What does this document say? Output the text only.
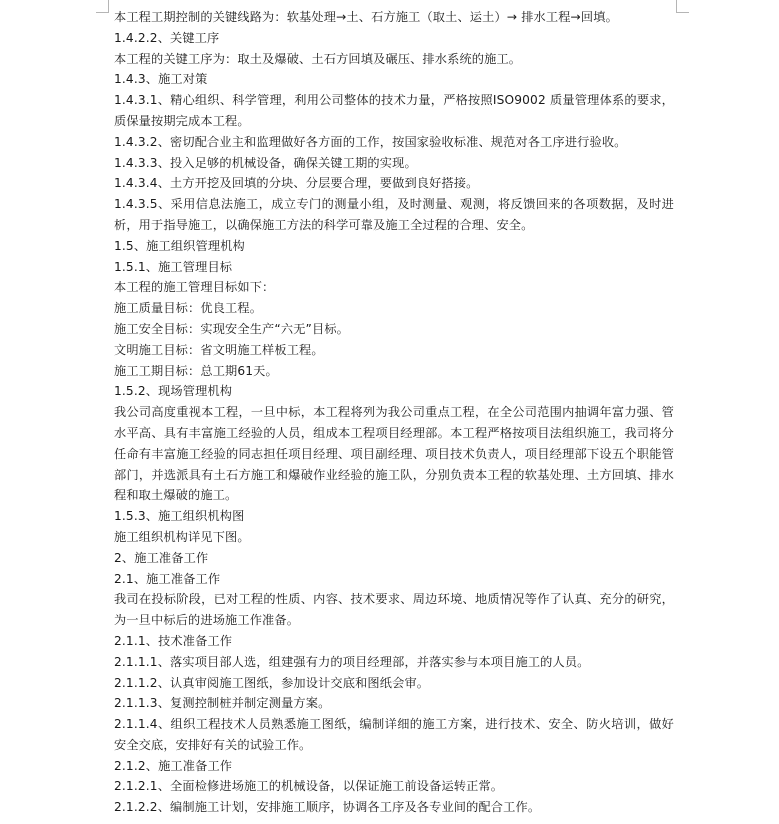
本工程工期控制的关键线路为：软基处理→土、石方施工（取土、运土）→ 排水工程→回填。
1.4.2.2、关键工序
本工程的关键工序为：取土及爆破、土石方回填及碾压、排水系统的施工。
1.4.3、施工对策
1.4.3.1、精心组织、科学管理，利用公司整体的技术力量，严格按照ISO9002 质量管理体系的要求，
质保量按期完成本工程。
1.4.3.2、密切配合业主和监理做好各方面的工作，按国家验收标准、规范对各工序进行验收。
1.4.3.3、投入足够的机械设备，确保关键工期的实现。
1.4.3.4、土方开挖及回填的分块、分层要合理，要做到良好搭接。
1.4.3.5、采用信息法施工，成立专门的测量小组，及时测量、观测，将反馈回来的各项数据，及时进
析，用于指导施工，以确保施工方法的科学可靠及施工全过程的合理、安全。
1.5、施工组织管理机构
1.5.1、施工管理目标
本工程的施工管理目标如下：
施工质量目标：优良工程。
施工安全目标：实现安全生产“六无”目标。
文明施工目标：省文明施工样板工程。
施工工期目标：总工期61天。
1.5.2、现场管理机构
我公司高度重视本工程，一旦中标，本工程将列为我公司重点工程，在全公司范围内抽调年富力强、管
水平高、具有丰富施工经验的人员，组成本工程项目经理部。本工程严格按项目法组织施工，我司将分
任命有丰富施工经验的同志担任项目经理、项目副经理、项目技术负责人，项目经理部下设五个职能管
部门，并选派具有土石方施工和爆破作业经验的施工队，分别负责本工程的软基处理、土方回填、排水
程和取土爆破的施工。
1.5.3、施工组织机构图
施工组织机构详见下图。
2、施工准备工作
2.1、施工准备工作
我司在投标阶段，已对工程的性质、内容、技术要求、周边环境、地质情况等作了认真、充分的研究，
为一旦中标后的进场施工作准备。
2.1.1、技术准备工作
2.1.1.1、落实项目部人选，组建强有力的项目经理部，并落实参与本项目施工的人员。
2.1.1.2、认真审阅施工图纸，参加设计交底和图纸会审。
2.1.1.3、复测控制桩并制定测量方案。
2.1.1.4、组织工程技术人员熟悉施工图纸，编制详细的施工方案，进行技术、安全、防火培训，做好
安全交底，安排好有关的试验工作。
2.1.2、施工准备工作
2.1.2.1、全面检修进场施工的机械设备，以保证施工前设备运转正常。
2.1.2.2、编制施工计划，安排施工顺序，协调各工序及各专业间的配合工作。
